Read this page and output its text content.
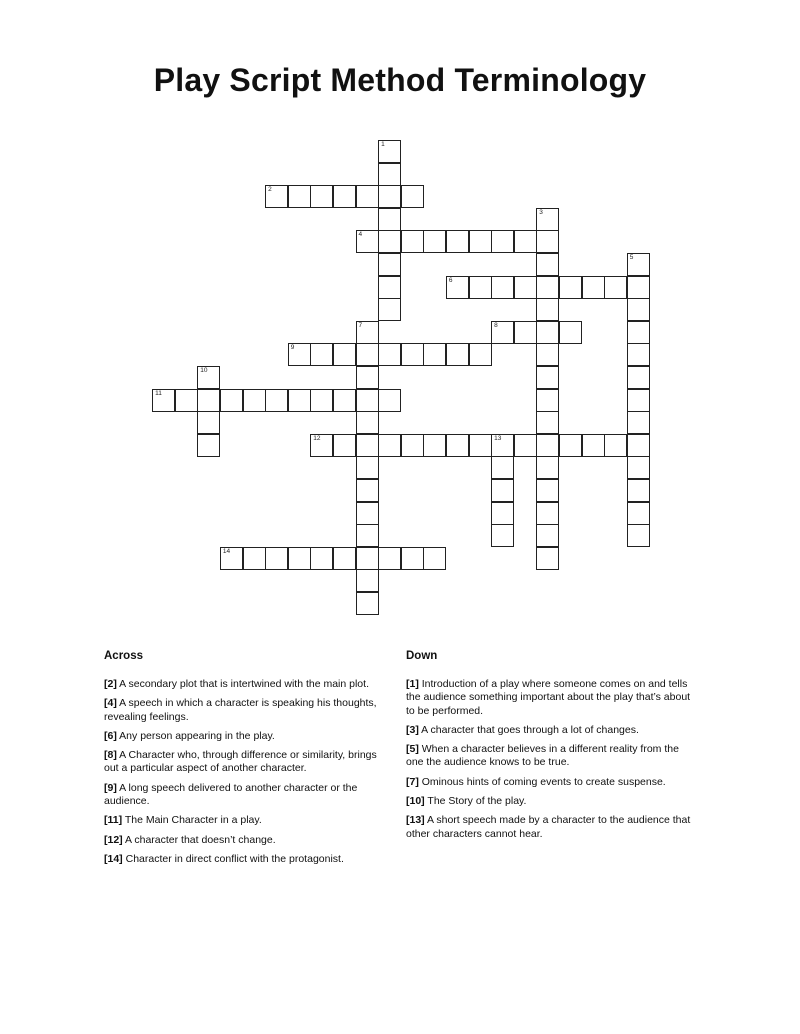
Play Script Method Terminology
1
2
3
4
5
6
7	8
9
10
11
12	13
14
Across
[2] A secondary plot that is intertwined with the main plot.
[4] A speech in which a character is speaking his thoughts, revealing feelings.
[6] Any person appearing in the play.
[8] A Character who, through difference or similarity, brings out a particular aspect of another character.
[9] A long speech delivered to another character or the audience.
[11] The Main Character in a play.
[12] A character that doesn’t change.
[14] Character in direct conflict with the protagonist.
Down
[1] Introduction of a play where someone comes on and tells the audience something important about the play that’s about to be performed.
[3] A character that goes through a lot of changes.
[5] When a character believes in a different reality from the one the audience knows to be true.
[7] Ominous hints of coming events to create suspense.
[10] The Story of the play.
[13] A short speech made by a character to the audience that other characters cannot hear.
